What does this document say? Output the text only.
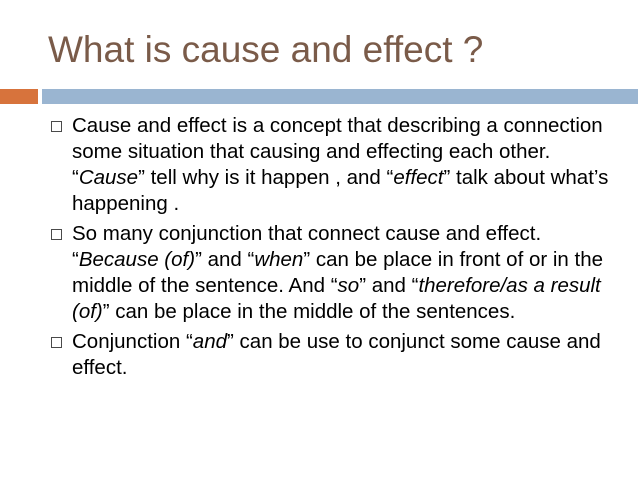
What is cause and effect ?
Cause and effect is a concept that describing a connection some situation that causing and effecting each other. “Cause” tell why is it happen , and “effect” talk about what’s happening .
So many conjunction that connect cause and effect. “Because (of)” and “when” can be place in front of or in the middle of the sentence. And “so” and “therefore/as a result (of)” can be place in the middle of the sentences.
Conjunction “and” can be use to conjunct some cause and effect.
